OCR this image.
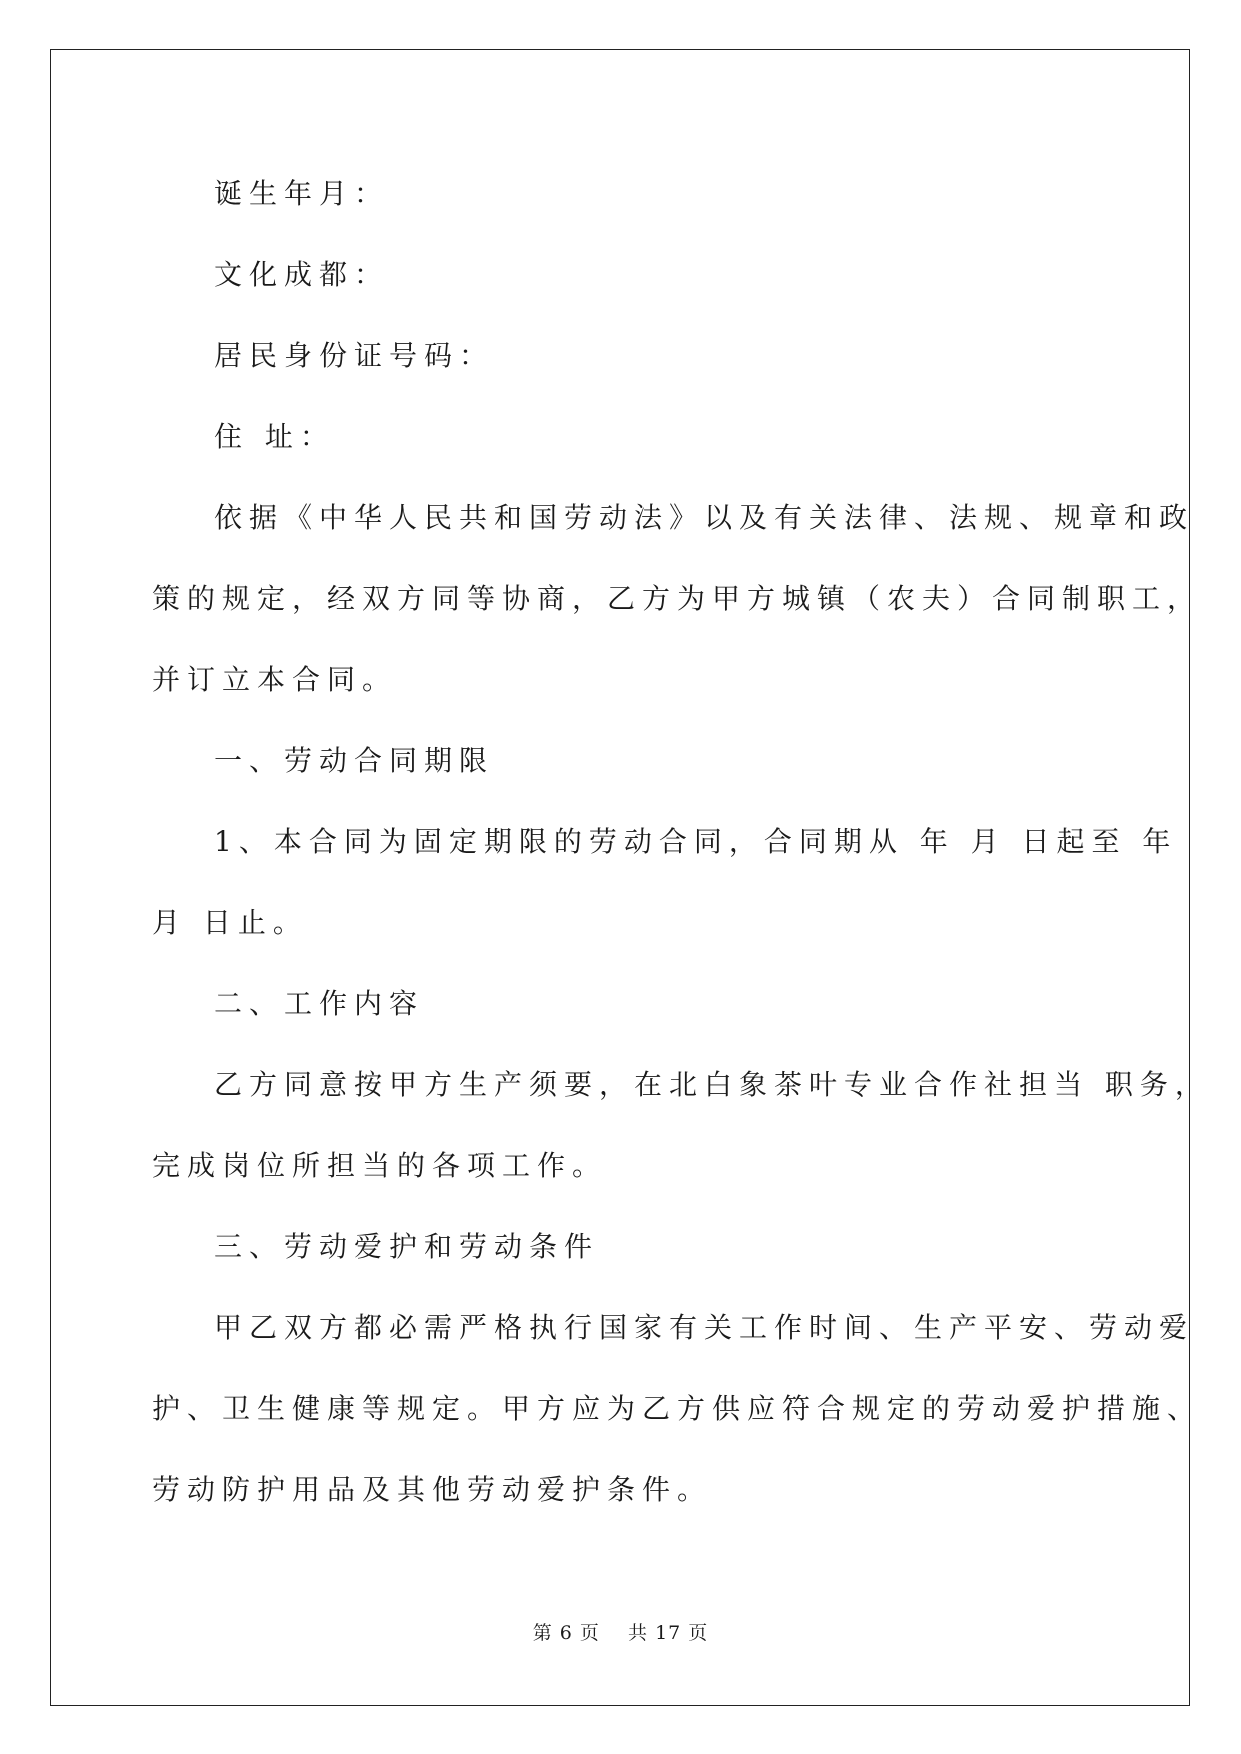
诞生年月：
文化成都：
居民身份证号码：
住 址：
依据《中华人民共和国劳动法》以及有关法律、法规、规章和政
策的规定，经双方同等协商，乙方为甲方城镇（农夫）合同制职工，
并订立本合同。
一、劳动合同期限
1、本合同为固定期限的劳动合同，合同期从 年 月 日起至 年
月 日止。
二、工作内容
乙方同意按甲方生产须要，在北白象茶叶专业合作社担当 职务，
完成岗位所担当的各项工作。
三、劳动爱护和劳动条件
甲乙双方都必需严格执行国家有关工作时间、生产平安、劳动爱
护、卫生健康等规定。甲方应为乙方供应符合规定的劳动爱护措施、
劳动防护用品及其他劳动爱护条件。
第 6 页    共 17 页
